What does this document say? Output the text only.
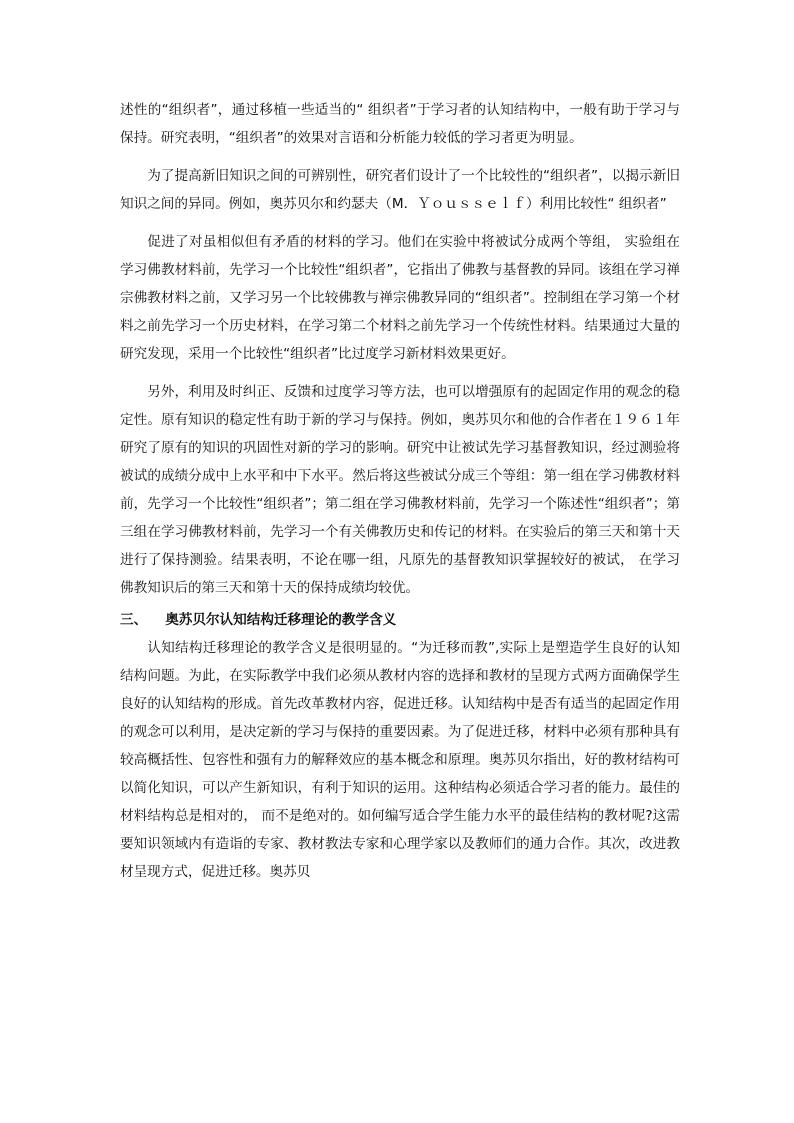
述性的“组织者”，通过移植一些适当的“ 组织者”于学习者的认知结构中，一般有助于学习与保持。研究表明，“组织者”的效果对言语和分析能力较低的学习者更为明显。

为了提高新旧知识之间的可辨别性，研究者们设计了一个比较性的“组织者”，以揭示新旧知识之间的异同。例如，奥苏贝尔和约瑟夫（M．Ｙｏｕｓｓｅｌｆ）利用比较性“ 组织者”

促进了对虽相似但有矛盾的材料的学习。他们在实验中将被试分成两个等组， 实验组在学习佛教材料前，先学习一个比较性“组织者”，它指出了佛教与基督教的异同。该组在学习禅宗佛教材料之前，又学习另一个比较佛教与禅宗佛教异同的“组织者”。控制组在学习第一个材料之前先学习一个历史材料，在学习第二个材料之前先学习一个传统性材料。结果通过大量的研究发现，采用一个比较性“组织者”比过度学习新材料效果更好。

另外，利用及时纠正、反馈和过度学习等方法，也可以增强原有的起固定作用的观念的稳定性。原有知识的稳定性有助于新的学习与保持。例如，奥苏贝尔和他的合作者在１９６１年研究了原有的知识的巩固性对新的学习的影响。研究中让被试先学习基督教知识，经过测验将被试的成绩分成中上水平和中下水平。然后将这些被试分成三个等组：第一组在学习佛教材料前，先学习一个比较性“组织者”；第二组在学习佛教材料前，先学习一个陈述性“组织者”；第三组在学习佛教材料前，先学习一个有关佛教历史和传记的材料。在实验后的第三天和第十天进行了保持测验。结果表明，不论在哪一组，凡原先的基督教知识掌握较好的被试， 在学习佛教知识后的第三天和第十天的保持成绩均较优。

三、 奥苏贝尔认知结构迁移理论的教学含义

认知结构迁移理论的教学含义是很明显的。“为迁移而教”,实际上是塑造学生良好的认知结构问题。为此，在实际教学中我们必须从教材内容的选择和教材的呈现方式两方面确保学生良好的认知结构的形成。首先改革教材内容，促进迁移。认知结构中是否有适当的起固定作用的观念可以利用，是决定新的学习与保持的重要因素。为了促进迁移，材料中必须有那种具有较高概括性、包容性和强有力的解释效应的基本概念和原理。奥苏贝尔指出，好的教材结构可以简化知识，可以产生新知识，有利于知识的运用。这种结构必须适合学习者的能力。最佳的材料结构总是相对的， 而不是绝对的。如何编写适合学生能力水平的最佳结构的教材呢?这需要知识领域内有造诣的专家、教材教法专家和心理学家以及教师们的通力合作。其次，改进教材呈现方式，促进迁移。奥苏贝
